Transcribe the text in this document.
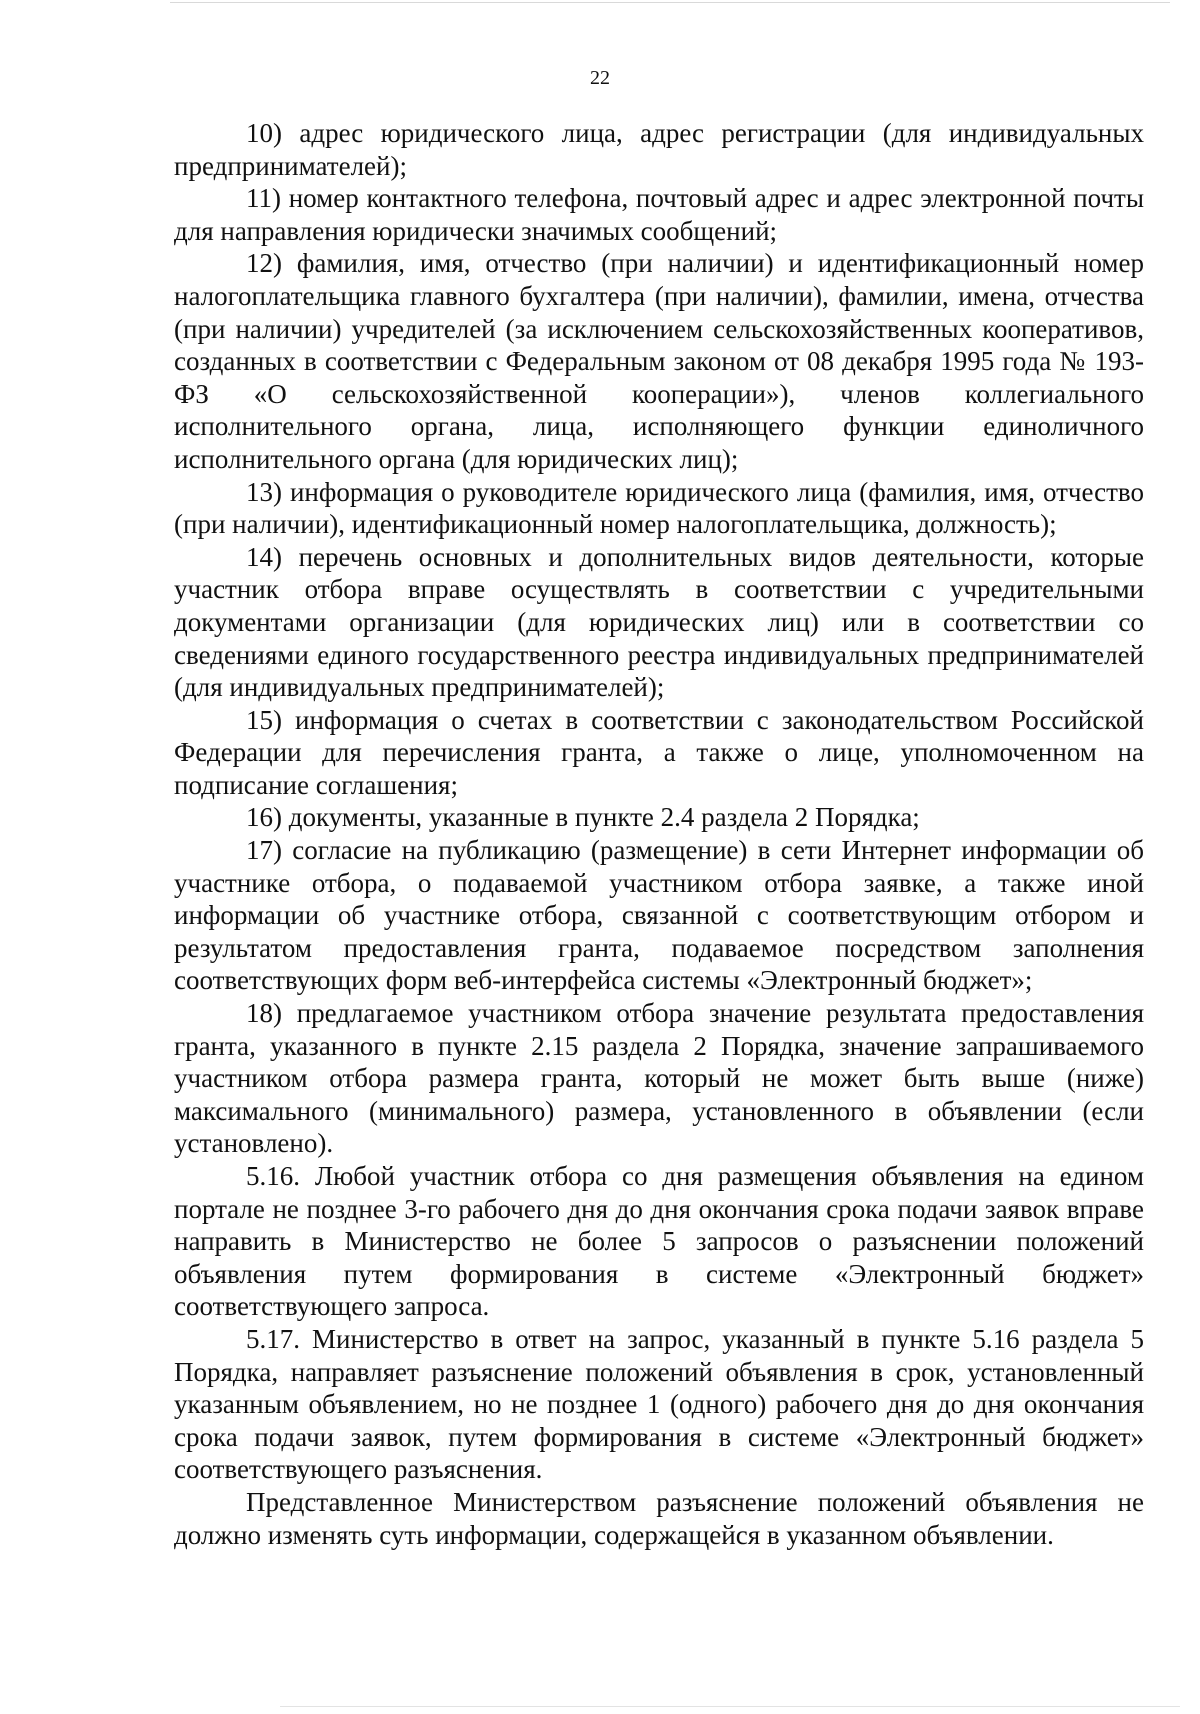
22

10) адрес юридического лица, адрес регистрации (для индивидуальных предпринимателей);

11) номер контактного телефона, почтовый адрес и адрес электронной почты для направления юридически значимых сообщений;

12) фамилия, имя, отчество (при наличии) и идентификационный номер налогоплательщика главного бухгалтера (при наличии), фамилии, имена, отчества (при наличии) учредителей (за исключением сельскохозяйственных кооперативов, созданных в соответствии с Федеральным законом от 08 декабря 1995 года № 193-ФЗ «О сельскохозяйственной кооперации»), членов коллегиального исполнительного органа, лица, исполняющего функции единоличного исполнительного органа (для юридических лиц);

13) информация о руководителе юридического лица (фамилия, имя, отчество (при наличии), идентификационный номер налогоплательщика, должность);

14) перечень основных и дополнительных видов деятельности, которые участник отбора вправе осуществлять в соответствии с учредительными документами организации (для юридических лиц) или в соответствии со сведениями единого государственного реестра индивидуальных предпринимателей (для индивидуальных предпринимателей);

15) информация о счетах в соответствии с законодательством Российской Федерации для перечисления гранта, а также о лице, уполномоченном на подписание соглашения;

16) документы, указанные в пункте 2.4 раздела 2 Порядка;

17) согласие на публикацию (размещение) в сети Интернет информации об участнике отбора, о подаваемой участником отбора заявке, а также иной информации об участнике отбора, связанной с соответствующим отбором и результатом предоставления гранта, подаваемое посредством заполнения соответствующих форм веб-интерфейса системы «Электронный бюджет»;

18) предлагаемое участником отбора значение результата предоставления гранта, указанного в пункте 2.15 раздела 2 Порядка, значение запрашиваемого участником отбора размера гранта, который не может быть выше (ниже) максимального (минимального) размера, установленного в объявлении (если установлено).

5.16. Любой участник отбора со дня размещения объявления на едином портале не позднее 3-го рабочего дня до дня окончания срока подачи заявок вправе направить в Министерство не более 5 запросов о разъяснении положений объявления путем формирования в системе «Электронный бюджет» соответствующего запроса.

5.17. Министерство в ответ на запрос, указанный в пункте 5.16 раздела 5 Порядка, направляет разъяснение положений объявления в срок, установленный указанным объявлением, но не позднее 1 (одного) рабочего дня до дня окончания срока подачи заявок, путем формирования в системе «Электронный бюджет» соответствующего разъяснения.

Представленное Министерством разъяснение положений объявления не должно изменять суть информации, содержащейся в указанном объявлении.
